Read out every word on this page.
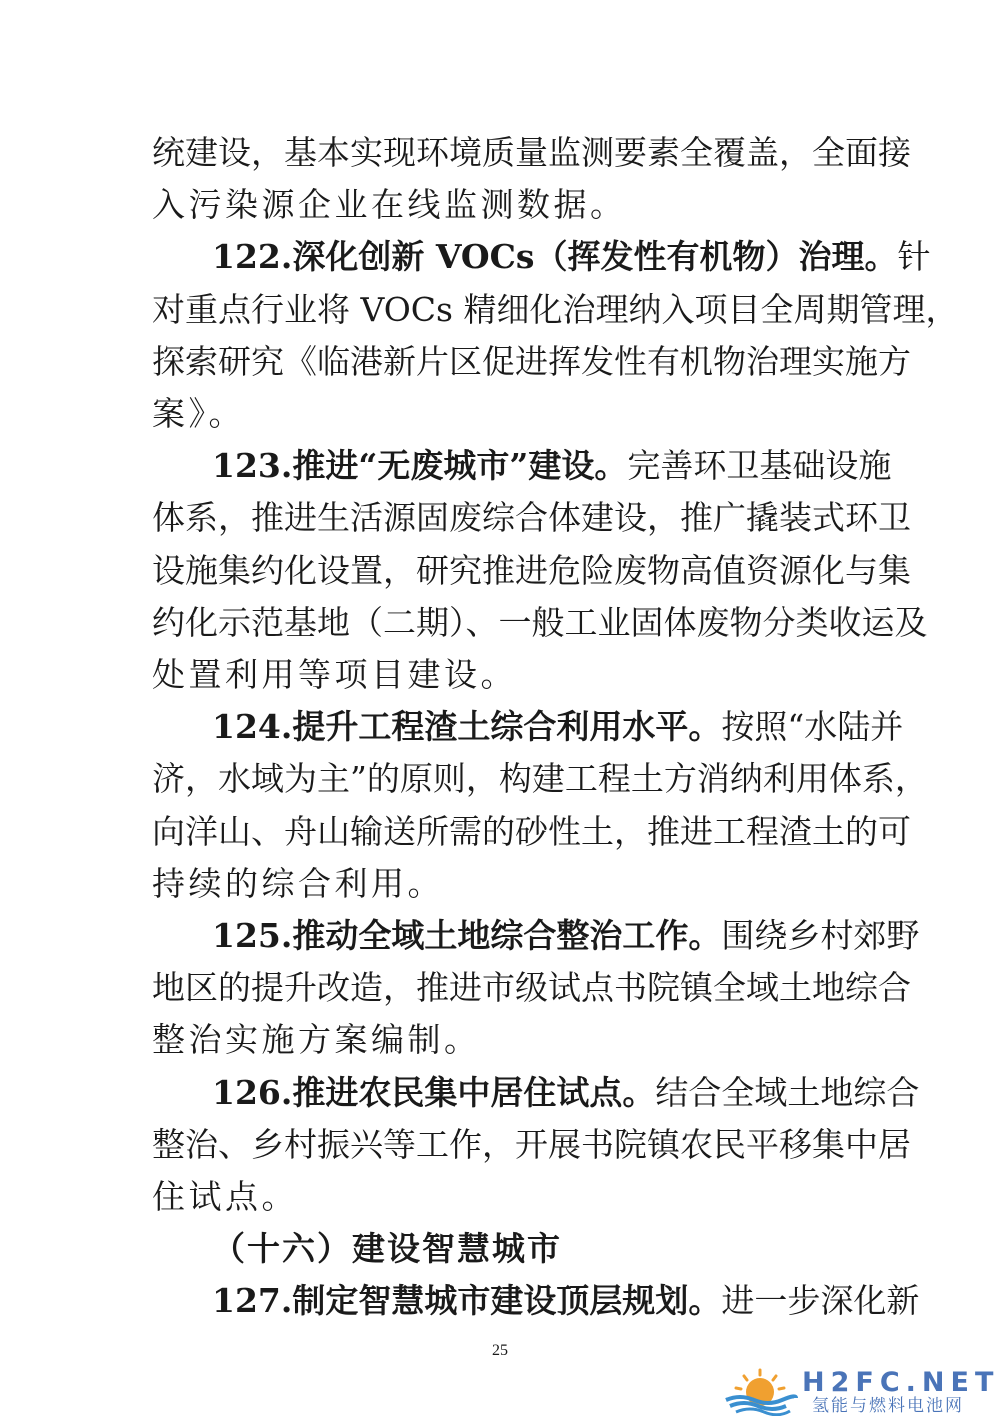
统建设，基本实现环境质量监测要素全覆盖，全面接
入污染源企业在线监测数据。
122.深化创新 VOCs（挥发性有机物）治理。针
对重点行业将 VOCs 精细化治理纳入项目全周期管理，
探索研究《临港新片区促进挥发性有机物治理实施方
案》。
123.推进“无废城市”建设。完善环卫基础设施
体系，推进生活源固废综合体建设，推广撬装式环卫
设施集约化设置，研究推进危险废物高值资源化与集
约化示范基地（二期）、一般工业固体废物分类收运及
处置利用等项目建设。
124.提升工程渣土综合利用水平。按照“水陆并
济，水域为主”的原则，构建工程土方消纳利用体系，
向洋山、舟山输送所需的砂性土，推进工程渣土的可
持续的综合利用。
125.推动全域土地综合整治工作。围绕乡村郊野
地区的提升改造，推进市级试点书院镇全域土地综合
整治实施方案编制。
126.推进农民集中居住试点。结合全域土地综合
整治、乡村振兴等工作，开展书院镇农民平移集中居
住试点。
（十六）建设智慧城市
127.制定智慧城市建设顶层规划。进一步深化新
25
H2FC.NET
氢能与燃料电池网
